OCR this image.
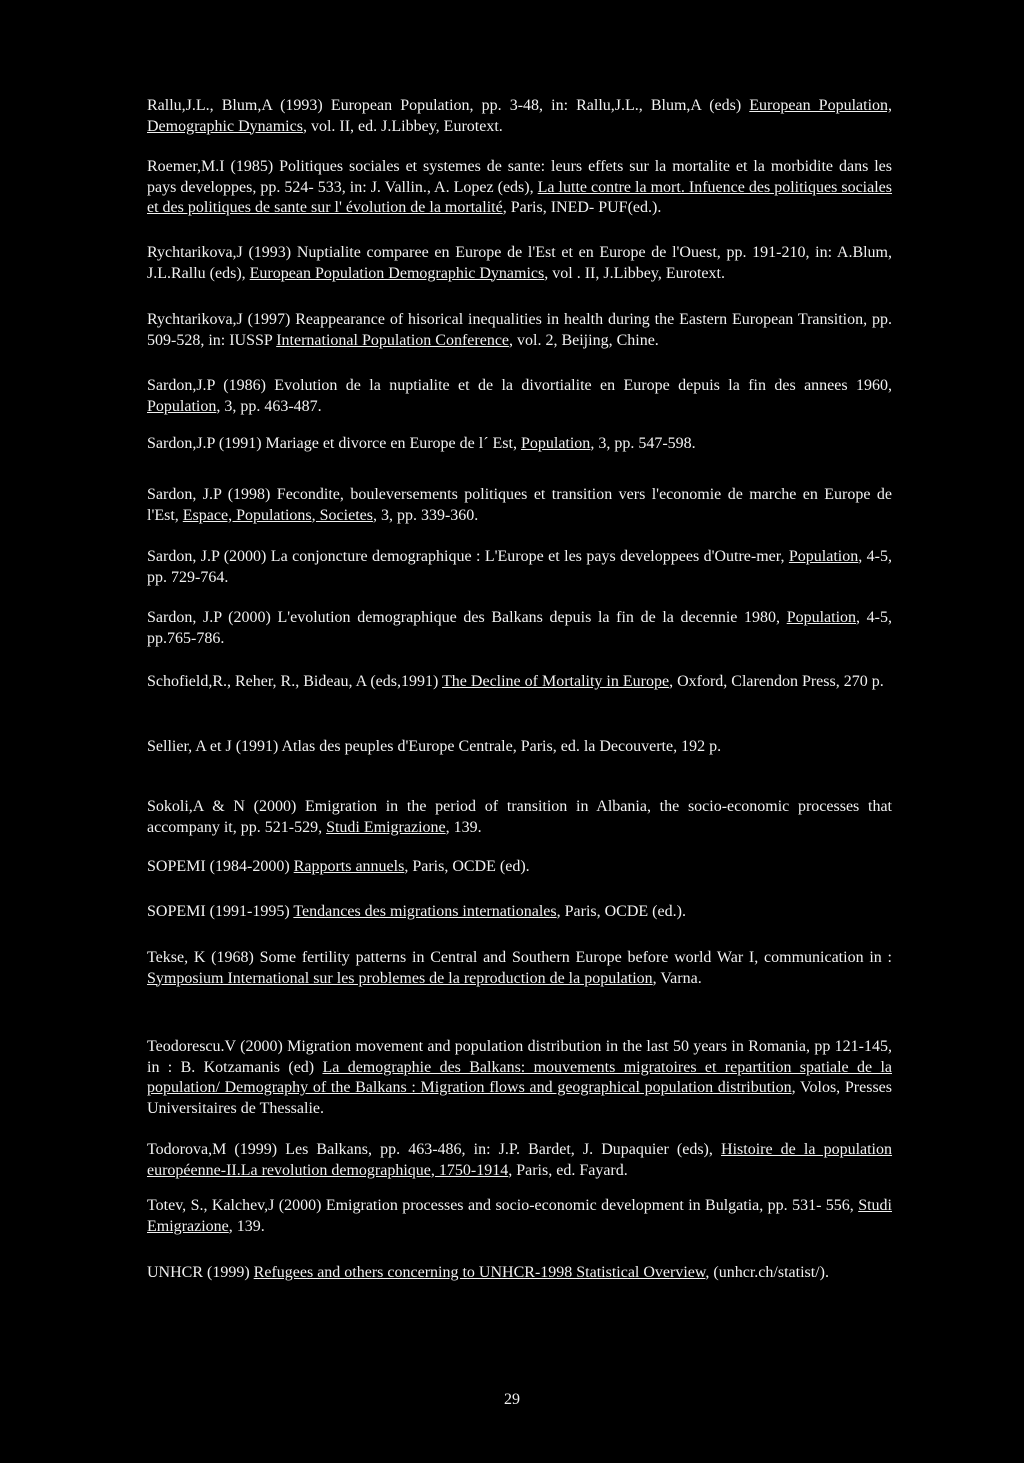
Rallu,J.L., Blum,A (1993) European Population, pp. 3-48, in: Rallu,J.L., Blum,A (eds) European Population, Demographic Dynamics, vol. II, ed. J.Libbey, Eurotext.

Roemer,M.I (1985) Politiques sociales et systemes de sante: leurs effets sur la mortalite et la morbidite dans les pays developpes, pp. 524- 533, in: J. Vallin., A. Lopez (eds), La lutte contre la mort. Infuence des politiques sociales et des politiques de sante sur l' évolution de la mortalité, Paris, INED- PUF(ed.).

Rychtarikova,J (1993) Nuptialite comparee en Europe de l'Est et en Europe de l'Ouest, pp. 191-210, in: A.Blum, J.L.Rallu (eds), European Population Demographic Dynamics, vol . II, J.Libbey, Eurotext.

Rychtarikova,J (1997) Reappearance of hisorical inequalities in health during the Eastern European Transition, pp. 509-528, in: IUSSP International Population Conference, vol. 2, Beijing, Chine.

Sardon,J.P (1986) Evolution de la nuptialite et de la divortialite en Europe depuis la fin des annees 1960, Population, 3, pp. 463-487.

Sardon,J.P (1991) Mariage et divorce en Europe de l´ Est, Population, 3, pp. 547-598.

Sardon, J.P (1998) Fecondite, bouleversements politiques et transition vers l'economie de marche en Europe de l'Est, Espace, Populations, Societes, 3, pp. 339-360.

Sardon, J.P (2000) La conjoncture demographique : L'Europe et les pays developpees d'Outre-mer, Population, 4-5, pp. 729-764.

Sardon, J.P (2000) L'evolution demographique des Balkans depuis la fin de la decennie 1980, Population, 4-5, pp.765-786.

Schofield,R., Reher, R., Bideau, A (eds,1991) The Decline of Mortality in Europe, Oxford, Clarendon Press, 270 p.

Sellier, A et J (1991) Atlas des peuples d'Europe Centrale, Paris, ed. la Decouverte, 192 p.

Sokoli,A & N (2000) Emigration in the period of transition in Albania, the socio-economic processes that accompany it, pp. 521-529, Studi Emigrazione, 139.

SOPEMI (1984-2000) Rapports annuels, Paris, OCDE (ed).

SOPEMI (1991-1995) Tendances des migrations internationales, Paris, OCDE (ed.).

Tekse, K (1968) Some fertility patterns in Central and Southern Europe before world War I, communication in : Symposium International sur les problemes de la reproduction de la population, Varna.

Teodorescu.V (2000) Migration movement and population distribution in the last 50 years in Romania, pp 121-145, in : B. Kotzamanis (ed) La demographie des Balkans: mouvements migratoires et repartition spatiale de la population/ Demography of the Balkans : Migration flows and geographical population distribution, Volos, Presses Universitaires de Thessalie.

Todorova,M (1999) Les Balkans, pp. 463-486, in: J.P. Bardet, J. Dupaquier (eds), Histoire de la population européenne-II.La revolution demographique, 1750-1914, Paris, ed. Fayard.

Totev, S., Kalchev,J (2000) Emigration processes and socio-economic development in Bulgatia, pp. 531- 556, Studi Emigrazione, 139.

UNHCR (1999) Refugees and others concerning to UNHCR-1998 Statistical Overview, (unhcr.ch/statist/).

29
